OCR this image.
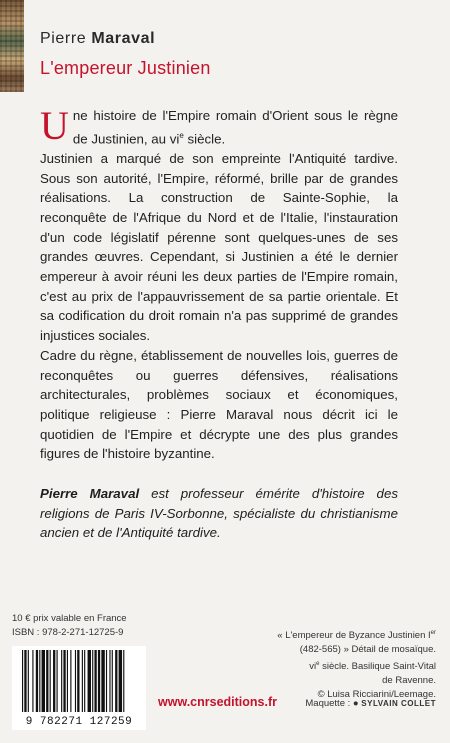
Pierre Maraval
L'empereur Justinien

Une histoire de l'Empire romain d'Orient sous le règne de Justinien, au $vi^e$ siècle.

Justinien a marqué de son empreinte l'Antiquité tardive. Sous son autorité, l'Empire, réformé, brille par de grandes réalisations. La construction de Sainte-Sophie, la reconquête de l'Afrique du Nord et de l'Italie, l'instauration d'un code législatif pérenne sont quelques-unes de ses grandes œuvres. Cependant, si Justinien a été le dernier empereur à avoir réuni les deux parties de l'Empire romain, c'est au prix de l'appauvrissement de sa partie orientale. Et sa codification du droit romain n'a pas supprimé de grandes injustices sociales.

Cadre du règne, établissement de nouvelles lois, guerres de reconquêtes ou guerres défensives, réalisations architecturales, problèmes sociaux et économiques, politique religieuse : Pierre Maraval nous décrit ici le quotidien de l'Empire et décrypte une des plus grandes figures de l'histoire byzantine.

Pierre Maraval est professeur émérite d'histoire des religions de Paris IV-Sorbonne, spécialiste du christianisme ancien et de l'Antiquité tardive.
10 € prix valable en France
ISBN : 978-2-271-12725-9	« L'empereur de Byzance Justinien Ier
(482-565) » Détail de mosaïque.
$vi^e$ siècle. Basilique Saint-Vital
de Ravenne.
© Luisa Ricciarini/Leemage.
9 782271 127259
www.cnrseditions.fr	Maquette : ● SYLVAIN COLLET
